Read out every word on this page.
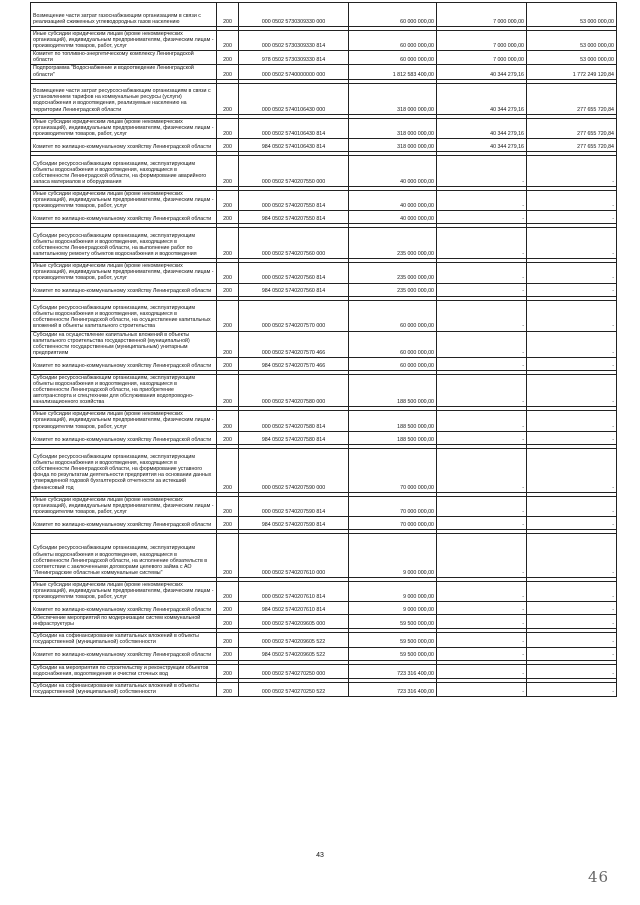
Возмещение части затрат газоснабжающим организациям в связи с реализацией сжиженных углеводородных газов населению	200	000 0502 5730309330 000	60 000 000,00	7 000 000,00	53 000 000,00

Иные субсидии юридическим лицам (кроме некоммерческих организаций), индивидуальным предпринимателям, физическим лицам - производителям товаров, работ, услуг	200	000 0502 5730309330 814	60 000 000,00	7 000 000,00	53 000 000,00
Комитет по топливно-энергетическому комплексу Ленинградской области	200	978 0502 5730309330 814	60 000 000,00	7 000 000,00	53 000 000,00
Подпрограмма "Водоснабжение и водоотведение Ленинградской области"	200	000 0502 5740000000 000	1 812 583 400,00	40 344 279,16	1 772 249 120,84

Возмещение части затрат ресурсоснабжающим организациям в связи с установлением тарифов на коммунальные ресурсы (услуги) водоснабжения и водоотведения, реализуемые населению на территории Ленинградской области	200	000 0502 5740106430 000	318 000 000,00	40 344 279,16	277 655 720,84

Иные субсидии юридическим лицам (кроме некоммерческих организаций), индивидуальным предпринимателям, физическим лицам - производителям товаров, работ, услуг	200	000 0502 5740106430 814	318 000 000,00	40 344 279,16	277 655 720,84
Комитет по жилищно-коммунальному хозяйству Ленинградской области	200	984 0502 5740106430 814	318 000 000,00	40 344 279,16	277 655 720,84

Субсидии ресурсоснабжающим организациям, эксплуатирующим объекты водоснабжения и водоотведения, находящиеся в собственности Ленинградской области, на формирование аварийного запаса материалов и оборудования	200	000 0502 5740207550 000	40 000 000,00	-	-

Иные субсидии юридическим лицам (кроме некоммерческих организаций), индивидуальным предпринимателям, физическим лицам - производителям товаров, работ, услуг	200	000 0502 5740207550 814	40 000 000,00	-	-
Комитет по жилищно-коммунальному хозяйству Ленинградской области	200	984 0502 5740207550 814	40 000 000,00	-	-

Субсидии ресурсоснабжающим организациям, эксплуатирующим объекты водоснабжения и водоотведения, находящиеся в собственности Ленинградской области, на выполнение работ по капитальному ремонту объектов водоснабжения и водоотведения	200	000 0502 5740207560 000	235 000 000,00	-	-

Иные субсидии юридическим лицам (кроме некоммерческих организаций), индивидуальным предпринимателям, физическим лицам - производителям товаров, работ, услуг	200	000 0502 5740207560 814	235 000 000,00	-	-
Комитет по жилищно-коммунальному хозяйству Ленинградской области	200	984 0502 5740207560 814	235 000 000,00	-	-

Субсидии ресурсоснабжающим организациям, эксплуатирующим объекты водоснабжения и водоотведения, находящиеся в собственности Ленинградской области, на осуществление капитальных вложений в объекты капитального строительства	200	000 0502 5740207570 000	60 000 000,00	-	-
Субсидии на осуществление капитальных вложений в объекты капитального строительства государственной (муниципальной) собственности государственным (муниципальным) унитарным предприятиям	200	000 0502 5740207570 466	60 000 000,00	-	-
Комитет по жилищно-коммунальному хозяйству Ленинградской области	200	984 0502 5740207570 466	60 000 000,00	-	-

Субсидии ресурсоснабжающим организациям, эксплуатирующим объекты водоснабжения и водоотведения, находящиеся в собственности Ленинградской области, на приобретение автотранспорта и спецтехники для обслуживания водопроводно-канализационного хозяйства	200	000 0502 5740207580 000	188 500 000,00	-	-

Иные субсидии юридическим лицам (кроме некоммерческих организаций), индивидуальным предпринимателям, физическим лицам - производителям товаров, работ, услуг	200	000 0502 5740207580 814	188 500 000,00	-	-
Комитет по жилищно-коммунальному хозяйству Ленинградской области	200	984 0502 5740207580 814	188 500 000,00	-	-

Субсидии ресурсоснабжающим организациям, эксплуатирующим объекты водоснабжения и водоотведения, находящиеся в собственности Ленинградской области, на формирование уставного фонда по результатам деятельности предприятия на основании данных утвержденной годовой бухгалтерской отчетности за истекший финансовый год	200	000 0502 5740207590 000	70 000 000,00	-	-

Иные субсидии юридическим лицам (кроме некоммерческих организаций), индивидуальным предпринимателям, физическим лицам - производителям товаров, работ, услуг	200	000 0502 5740207590 814	70 000 000,00	-	-
Комитет по жилищно-коммунальному хозяйству Ленинградской области	200	984 0502 5740207590 814	70 000 000,00	-	-

Субсидии ресурсоснабжающим организациям, эксплуатирующим объекты водоснабжения и водоотведения, находящиеся в собственности Ленинградской области, на исполнение обязательств в соответствии с заключенными договорами целевого займа с АО "Ленинградские областные коммунальные системы"	200	000 0502 5740207610 000	9 000 000,00	-	-

Иные субсидии юридическим лицам (кроме некоммерческих организаций), индивидуальным предпринимателям, физическим лицам - производителям товаров, работ, услуг	200	000 0502 5740207610 814	9 000 000,00	-	-
Комитет по жилищно-коммунальному хозяйству Ленинградской области	200	984 0502 5740207610 814	9 000 000,00	-	-
Обеспечение мероприятий по модернизации систем коммунальной инфраструктуры	200	000 0502 5740209605 000	59 500 000,00	-	-

Субсидии на софинансирование капитальных вложений в объекты государственной (муниципальной) собственности	200	000 0502 5740209605 522	59 500 000,00	-	-
Комитет по жилищно-коммунальному хозяйству Ленинградской области	200	984 0502 5740209605 522	59 500 000,00	-	-

Субсидии на мероприятия по строительству и реконструкции объектов водоснабжения, водоотведения и очистки сточных вод	200	000 0502 5740270250 000	723 316 400,00	-	-

Субсидии на софинансирование капитальных вложений в объекты государственной (муниципальной) собственности	200	000 0502 5740270250 522	723 316 400,00	-	-
43
46
